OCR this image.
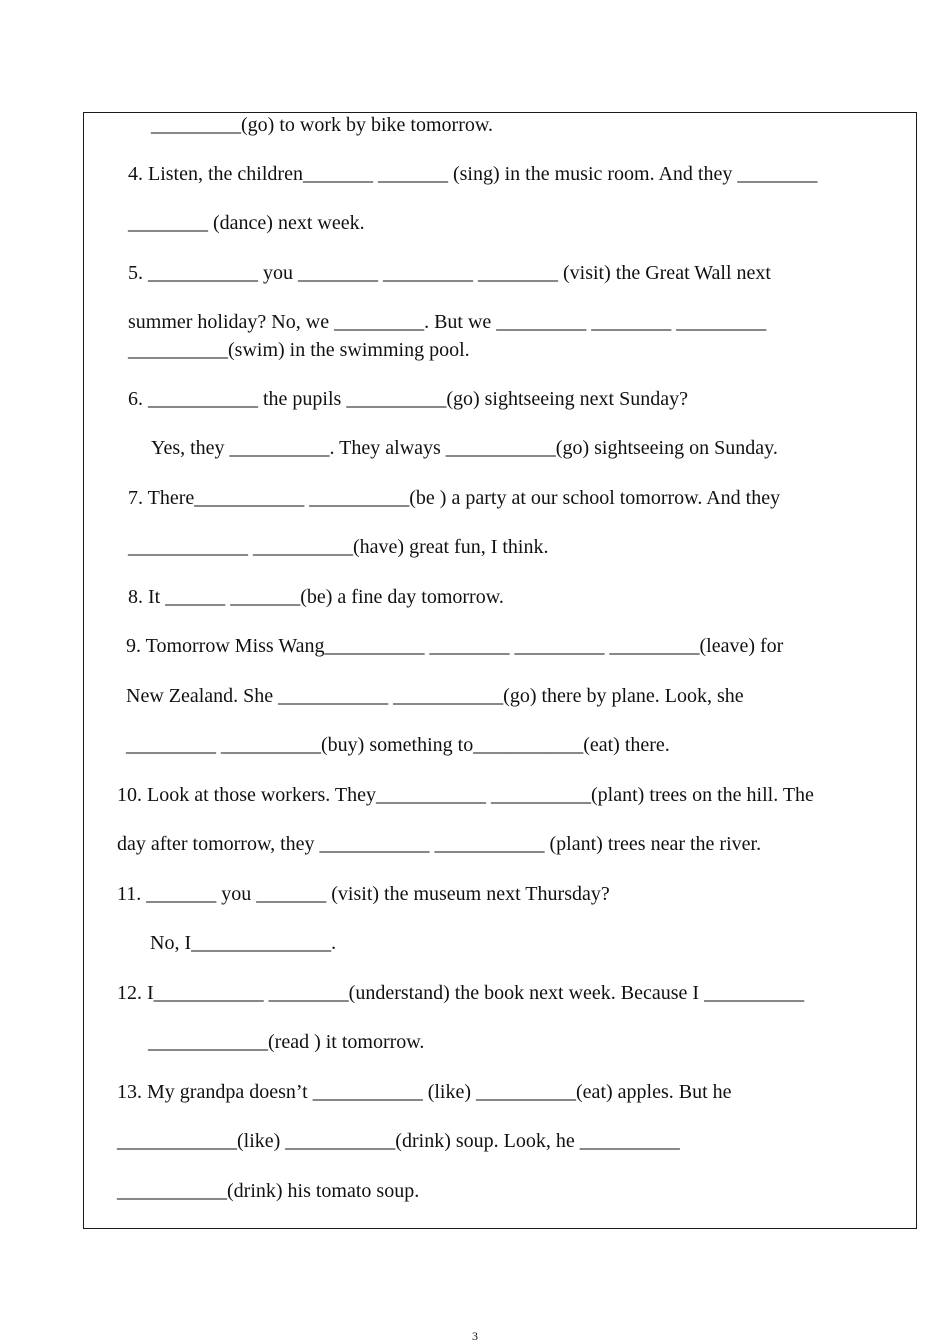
_________(go) to work by bike tomorrow.
4. Listen, the children_______ _______ (sing) in the music room. And they ________
________ (dance) next week.
5. ___________ you ________ _________ ________ (visit) the Great Wall next
summer holiday? No, we _________. But we _________ ________ _________
__________(swim) in the swimming pool.
6. ___________ the pupils __________(go) sightseeing next Sunday?
Yes, they __________. They always ___________(go) sightseeing on Sunday.
7. There___________ __________(be ) a party at our school tomorrow. And they
____________ __________(have) great fun, I think.
8. It ______ _______(be) a fine day tomorrow.
9. Tomorrow Miss Wang__________ ________ _________ _________(leave) for
New Zealand. She ___________ ___________(go) there by plane. Look, she
_________ __________(buy) something to___________(eat) there.
10. Look at those workers. They___________ __________(plant) trees on the hill. The
day after tomorrow, they ___________ ___________ (plant) trees near the river.
11. _______ you _______ (visit) the museum next Thursday?
No, I______________.
12. I___________ ________(understand) the book next week. Because I __________
____________(read ) it tomorrow.
13. My grandpa doesn’t ___________ (like) __________(eat) apples. But he
____________(like) ___________(drink) soup. Look, he __________
___________(drink) his tomato soup.
3
